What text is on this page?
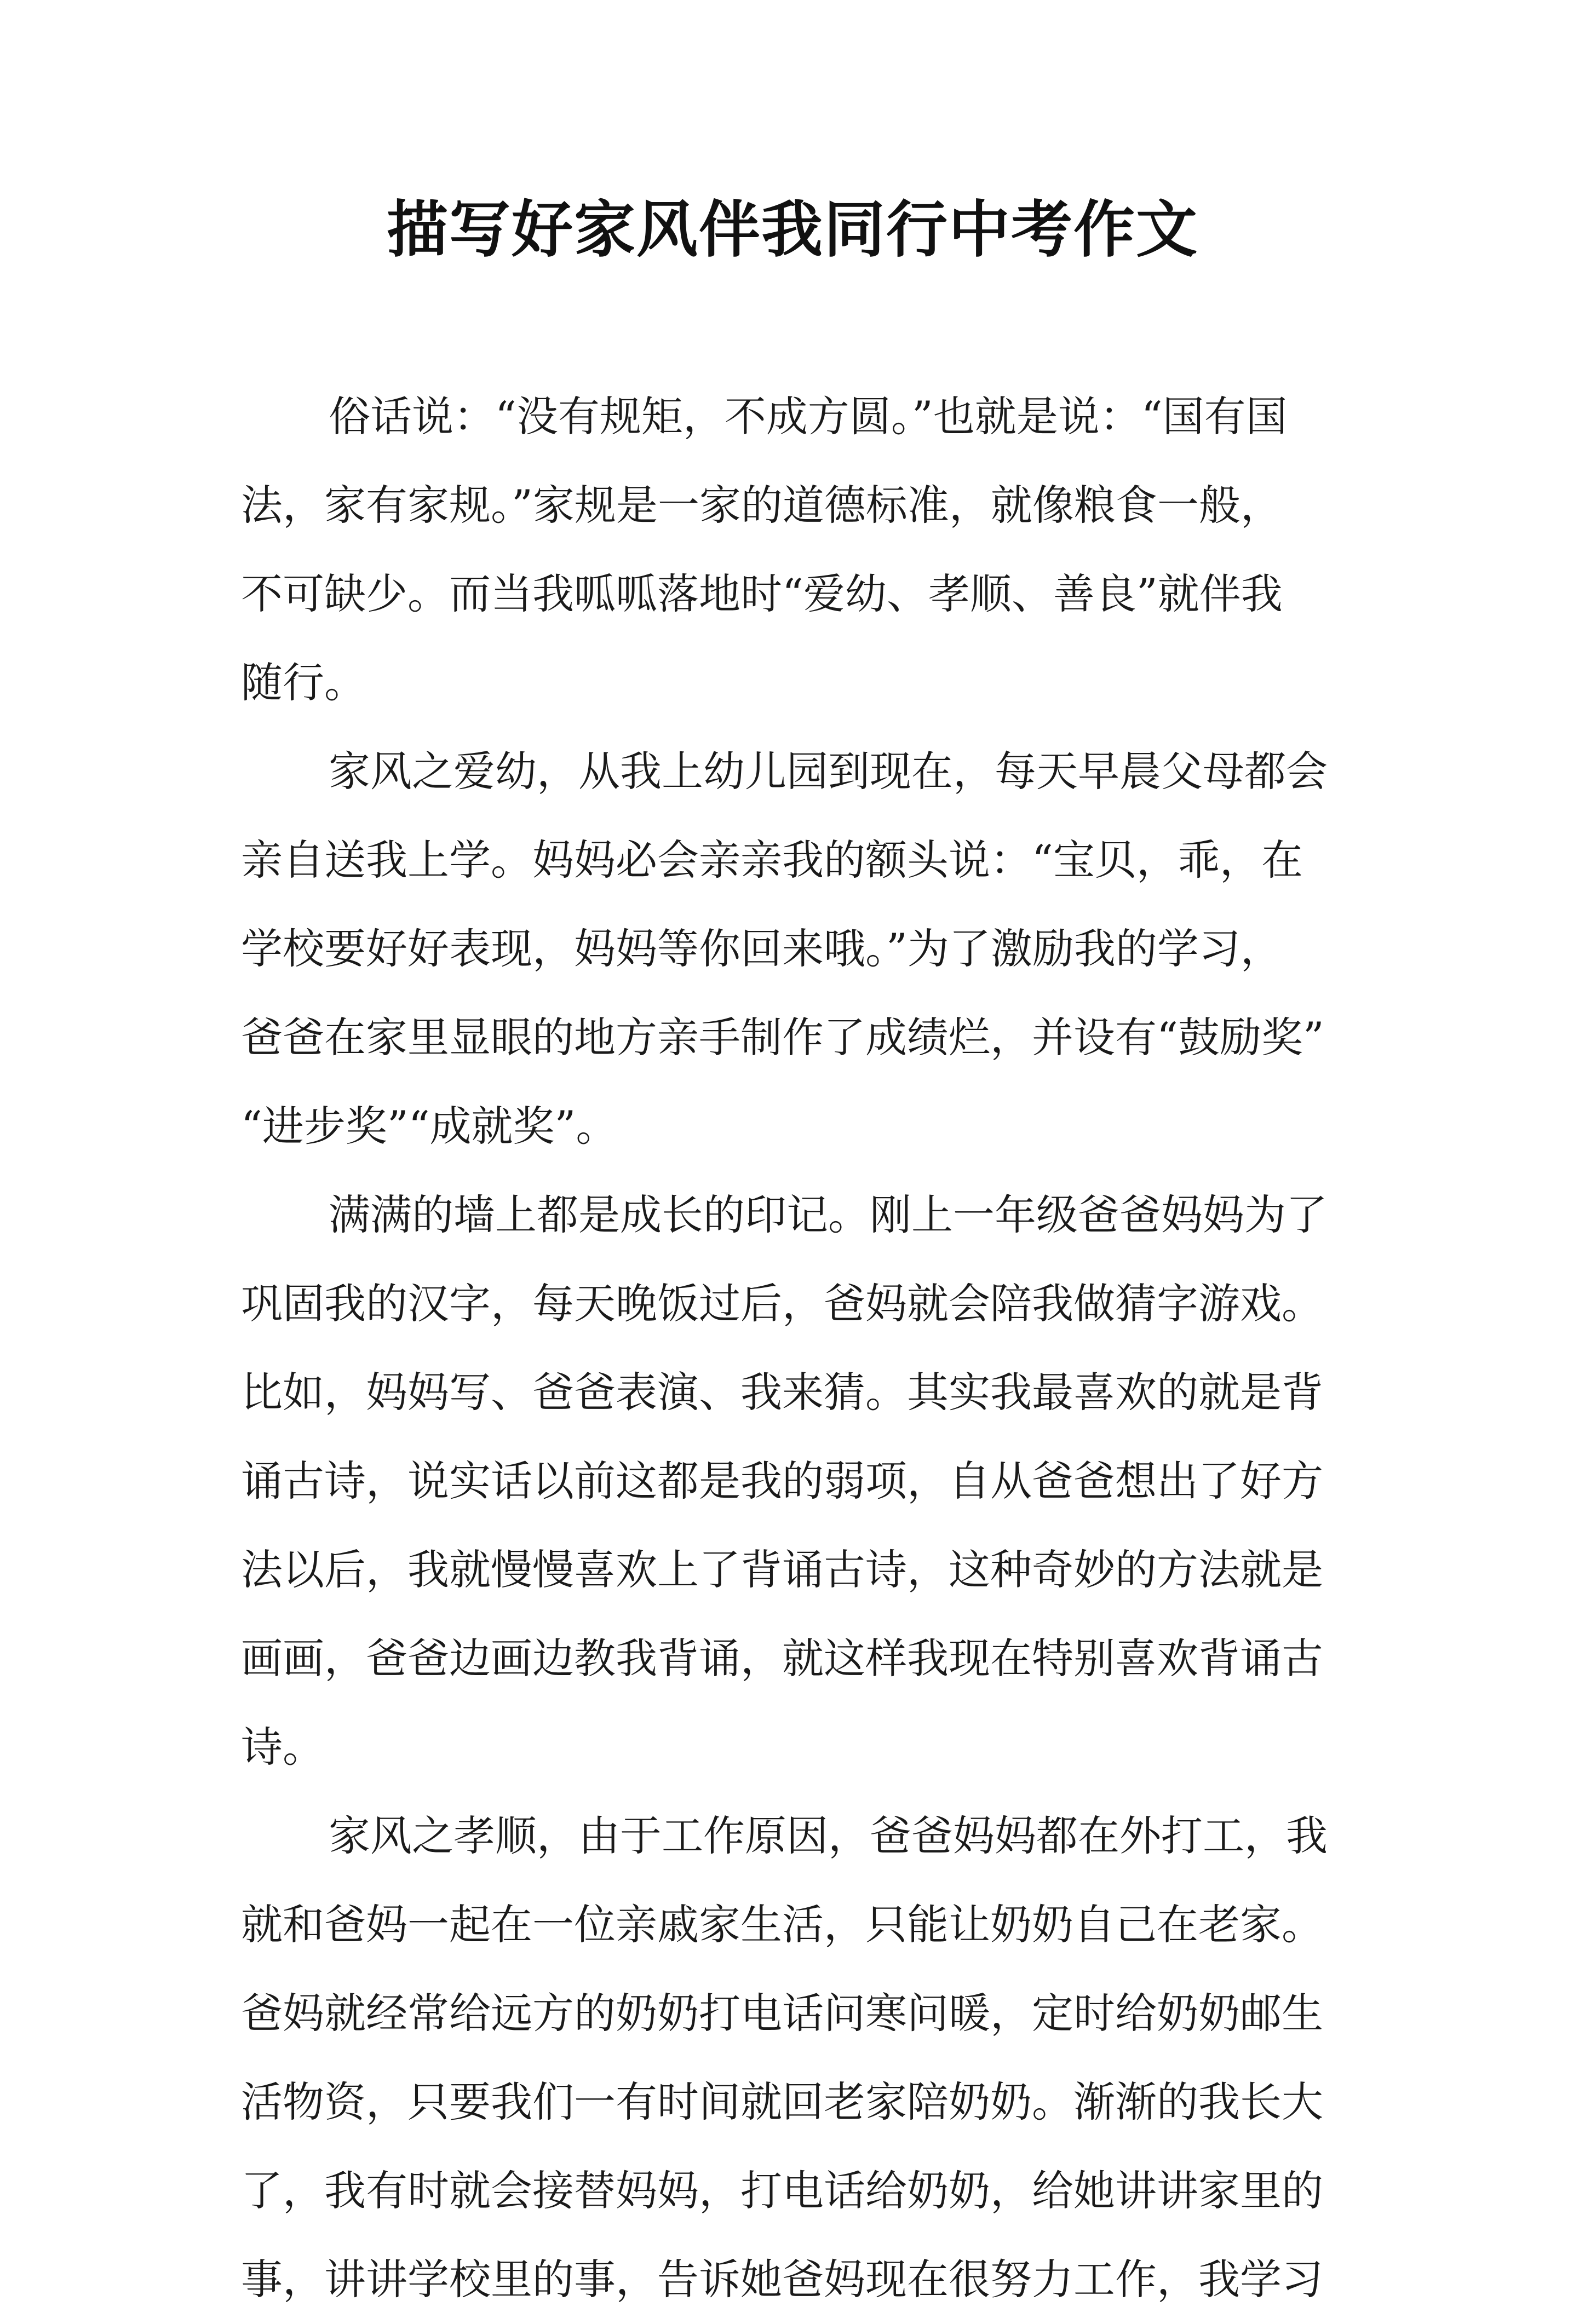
描写好家风伴我同行中考作文
俗话说：“没有规矩，不成方圆。”也就是说：“国有国
法，家有家规。”家规是一家的道德标准，就像粮食一般，
不可缺少。而当我呱呱落地时“爱幼、孝顺、善良”就伴我
随行。
家风之爱幼，从我上幼儿园到现在，每天早晨父母都会
亲自送我上学。妈妈必会亲亲我的额头说：“宝贝，乖，在
学校要好好表现，妈妈等你回来哦。”为了激励我的学习，
爸爸在家里显眼的地方亲手制作了成绩烂，并设有“鼓励奖”
“进步奖”“成就奖”。
满满的墙上都是成长的印记。刚上一年级爸爸妈妈为了
巩固我的汉字，每天晚饭过后，爸妈就会陪我做猜字游戏。
比如，妈妈写、爸爸表演、我来猜。其实我最喜欢的就是背
诵古诗，说实话以前这都是我的弱项，自从爸爸想出了好方
法以后，我就慢慢喜欢上了背诵古诗，这种奇妙的方法就是
画画，爸爸边画边教我背诵，就这样我现在特别喜欢背诵古
诗。
家风之孝顺，由于工作原因，爸爸妈妈都在外打工，我
就和爸妈一起在一位亲戚家生活，只能让奶奶自己在老家。
爸妈就经常给远方的奶奶打电话问寒问暖，定时给奶奶邮生
活物资，只要我们一有时间就回老家陪奶奶。渐渐的我长大
了，我有时就会接替妈妈，打电话给奶奶，给她讲讲家里的
事，讲讲学校里的事，告诉她爸妈现在很努力工作，我学习
